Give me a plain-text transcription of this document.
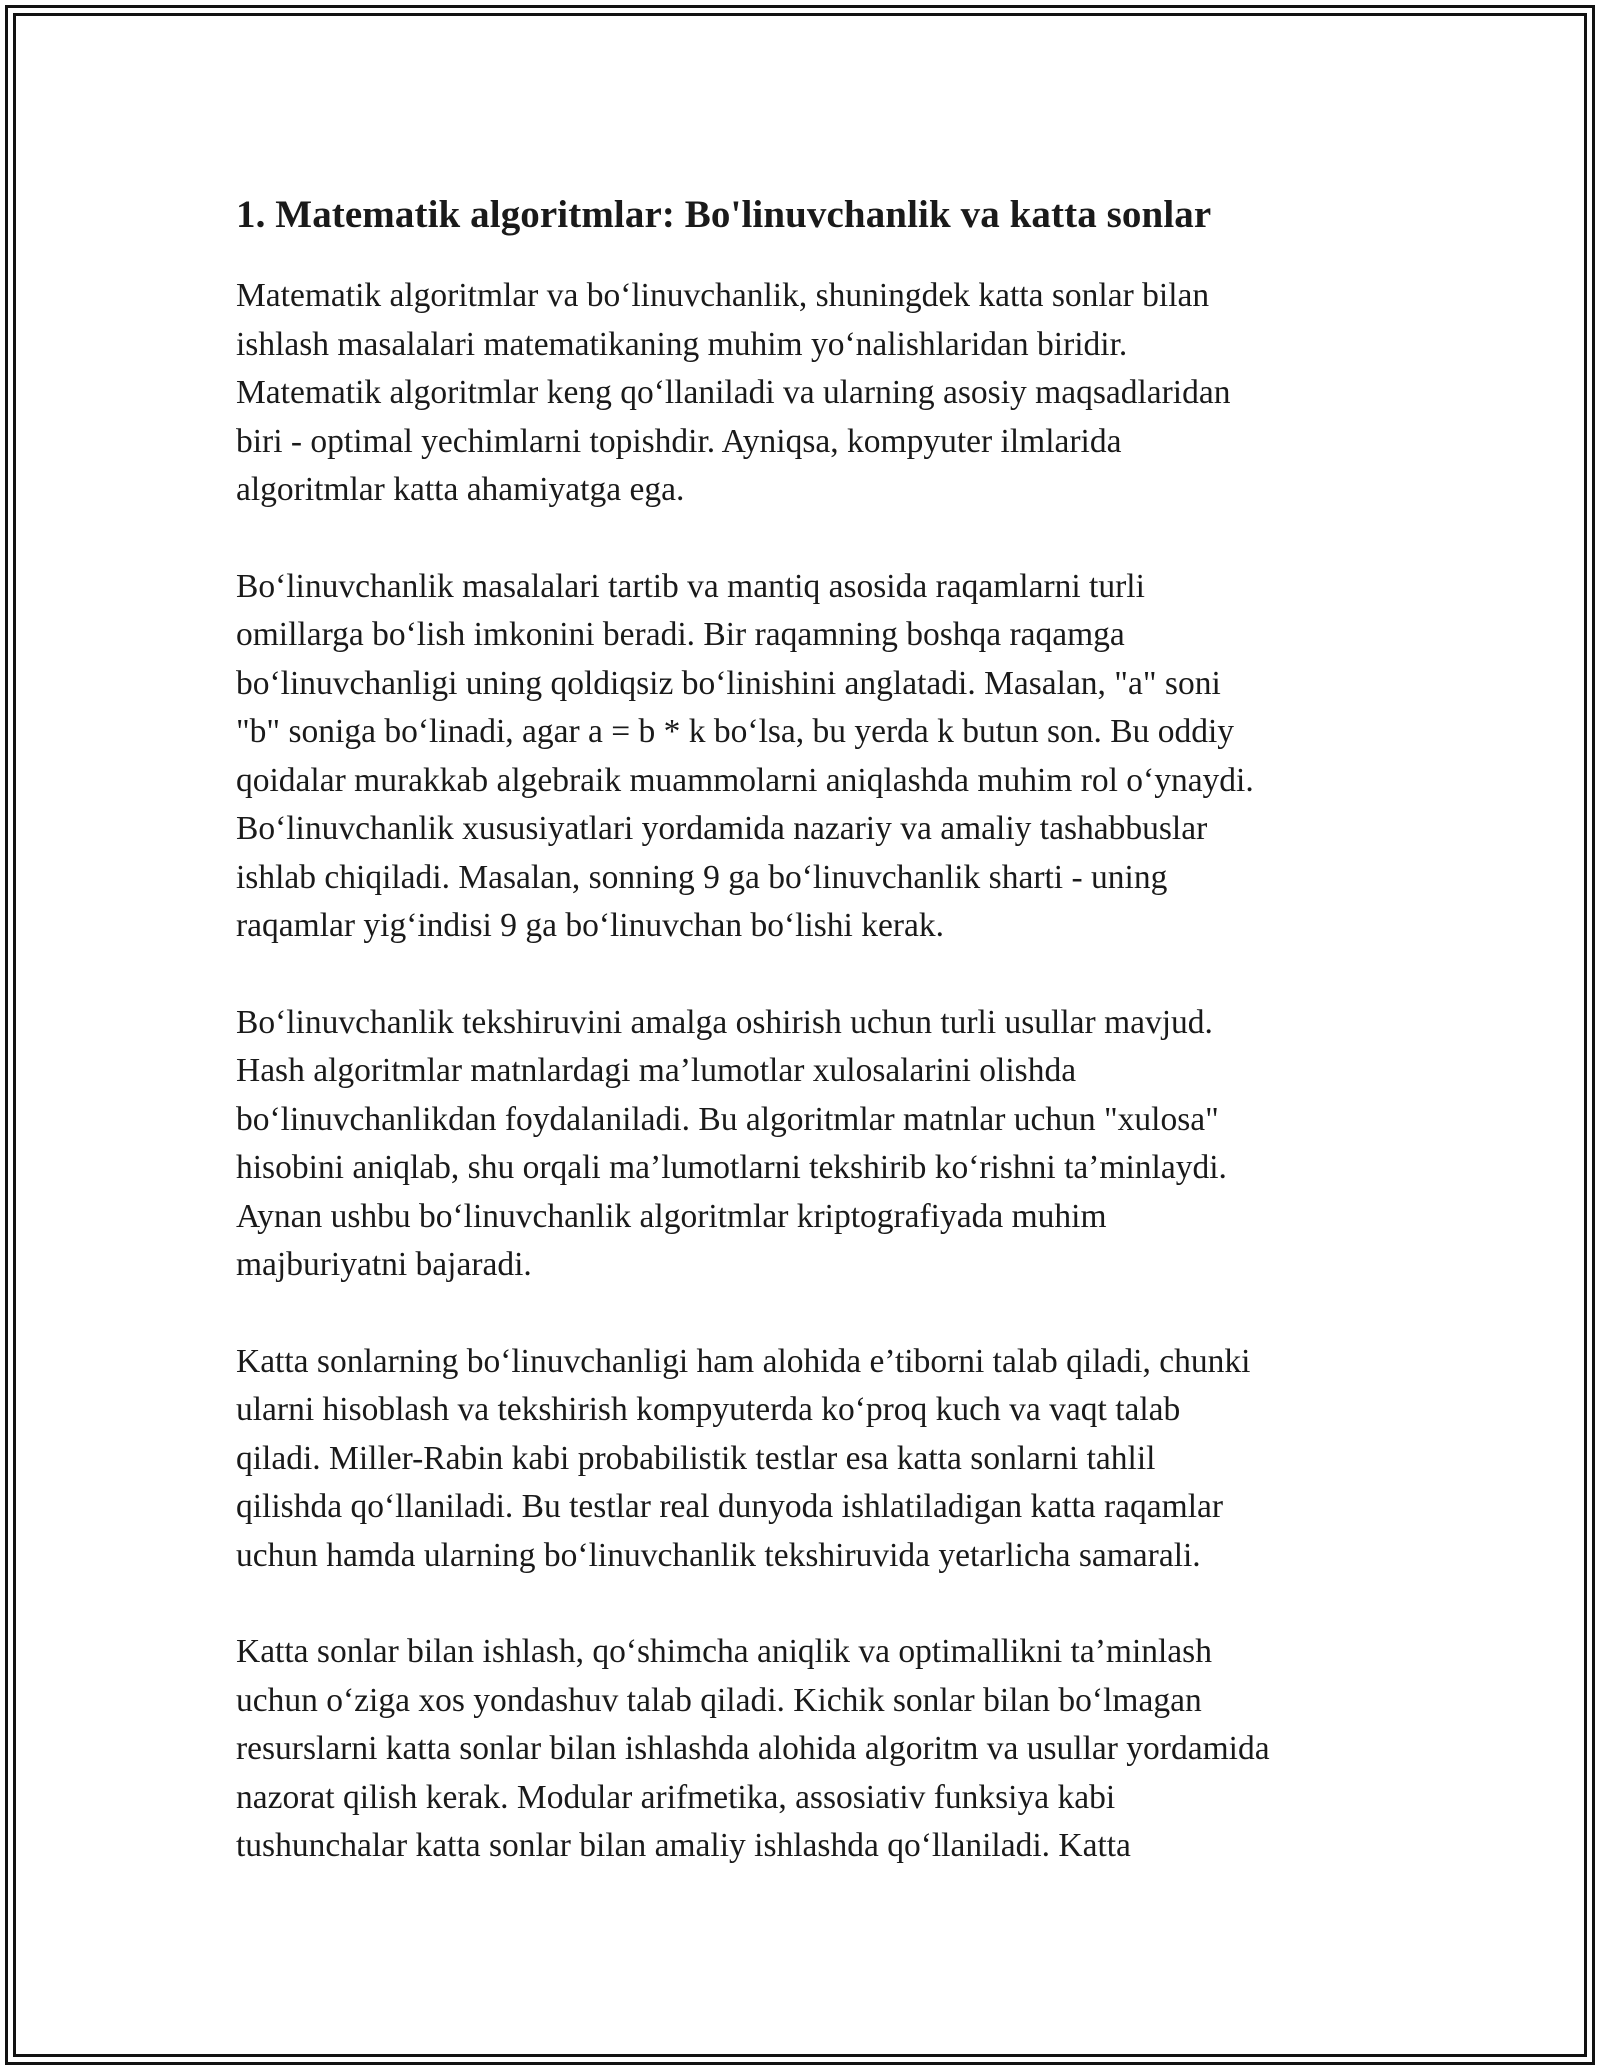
1. Matematik algoritmlar: Bo'linuvchanlik va katta sonlar

Matematik algoritmlar va bo‘linuvchanlik, shuningdek katta sonlar bilan
ishlash masalalari matematikaning muhim yo‘nalishlaridan biridir.
Matematik algoritmlar keng qo‘llaniladi va ularning asosiy maqsadlaridan
biri - optimal yechimlarni topishdir. Ayniqsa, kompyuter ilmlarida
algoritmlar katta ahamiyatga ega.

Bo‘linuvchanlik masalalari tartib va mantiq asosida raqamlarni turli
omillarga bo‘lish imkonini beradi. Bir raqamning boshqa raqamga
bo‘linuvchanligi uning qoldiqsiz bo‘linishini anglatadi. Masalan, "a" soni
"b" soniga bo‘linadi, agar a = b * k bo‘lsa, bu yerda k butun son. Bu oddiy
qoidalar murakkab algebraik muammolarni aniqlashda muhim rol o‘ynaydi.
Bo‘linuvchanlik xususiyatlari yordamida nazariy va amaliy tashabbuslar
ishlab chiqiladi. Masalan, sonning 9 ga bo‘linuvchanlik sharti - uning
raqamlar yig‘indisi 9 ga bo‘linuvchan bo‘lishi kerak.

Bo‘linuvchanlik tekshiruvini amalga oshirish uchun turli usullar mavjud.
Hash algoritmlar matnlardagi ma’lumotlar xulosalarini olishda
bo‘linuvchanlikdan foydalaniladi. Bu algoritmlar matnlar uchun "xulosa"
hisobini aniqlab, shu orqali ma’lumotlarni tekshirib ko‘rishni ta’minlaydi.
Aynan ushbu bo‘linuvchanlik algoritmlar kriptografiyada muhim
majburiyatni bajaradi.

Katta sonlarning bo‘linuvchanligi ham alohida e’tiborni talab qiladi, chunki
ularni hisoblash va tekshirish kompyuterda ko‘proq kuch va vaqt talab
qiladi. Miller-Rabin kabi probabilistik testlar esa katta sonlarni tahlil
qilishda qo‘llaniladi. Bu testlar real dunyoda ishlatiladigan katta raqamlar
uchun hamda ularning bo‘linuvchanlik tekshiruvida yetarlicha samarali.

Katta sonlar bilan ishlash, qo‘shimcha aniqlik va optimallikni ta’minlash
uchun o‘ziga xos yondashuv talab qiladi. Kichik sonlar bilan bo‘lmagan
resurslarni katta sonlar bilan ishlashda alohida algoritm va usullar yordamida
nazorat qilish kerak. Modular arifmetika, assosiativ funksiya kabi
tushunchalar katta sonlar bilan amaliy ishlashda qo‘llaniladi. Katta
